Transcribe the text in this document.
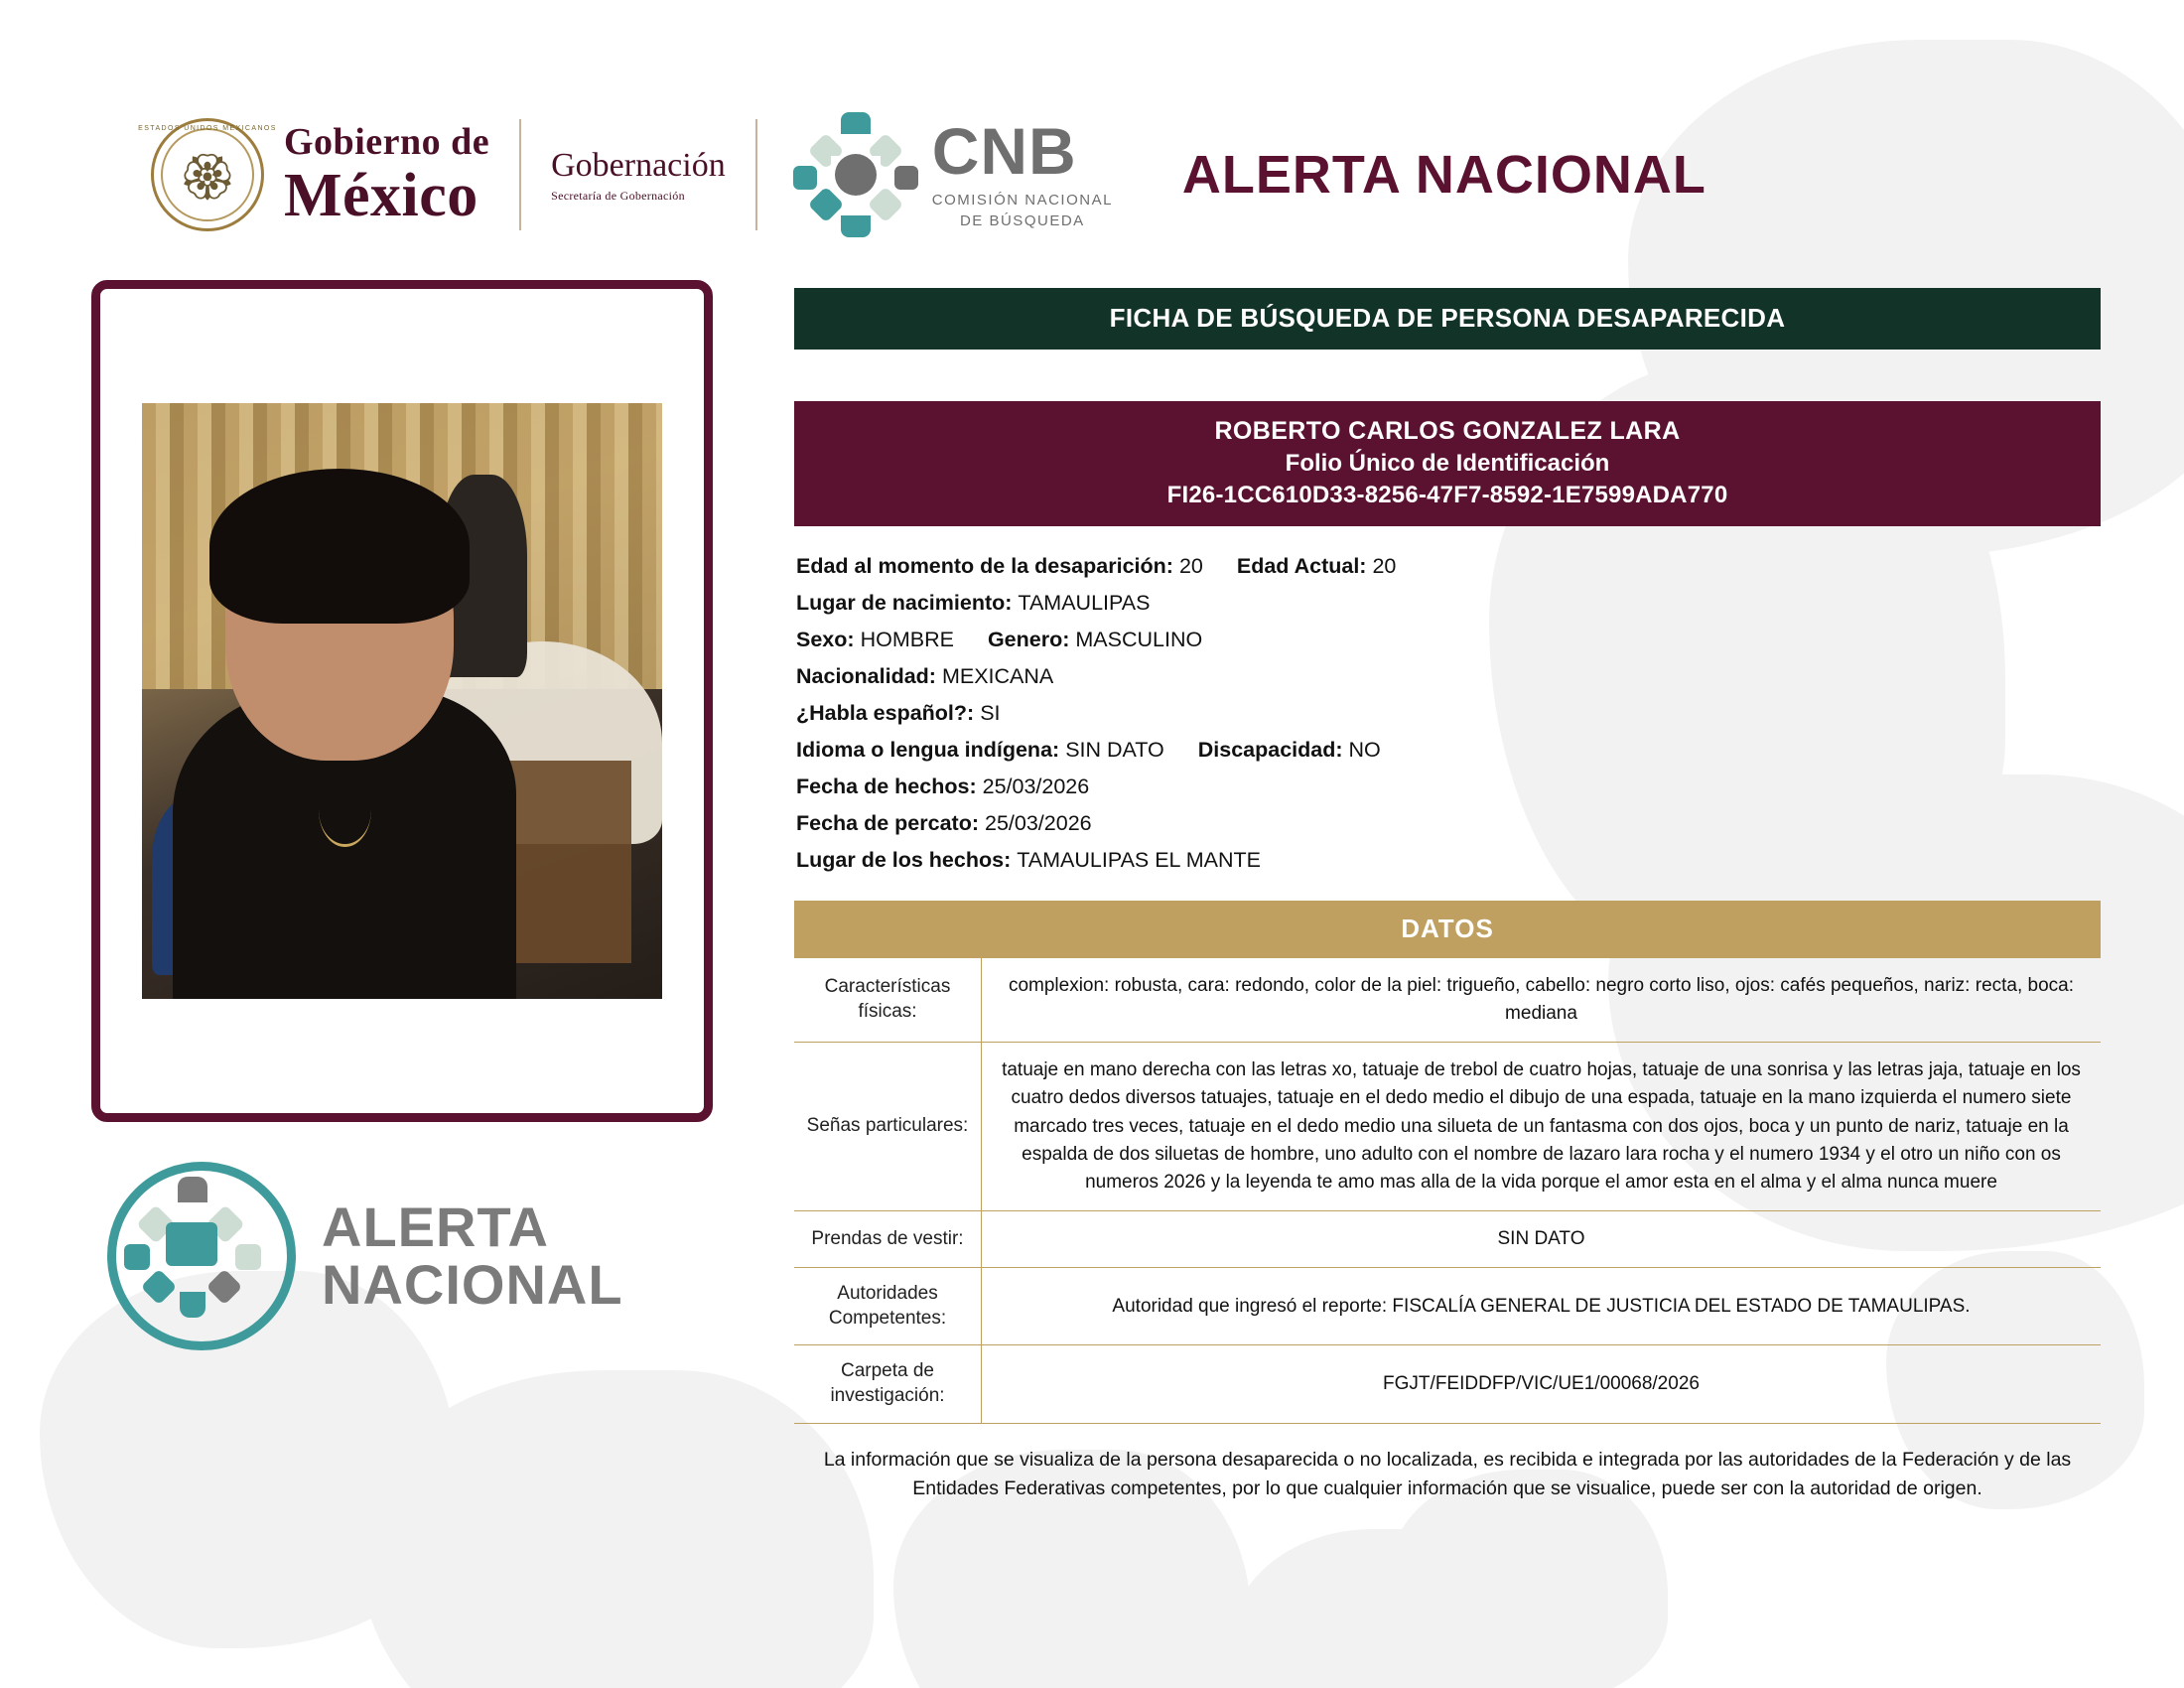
ESTADOS UNIDOS MEXICANOS
🏵
Gobierno de
México	Gobernación
Secretaría de Gobernación
CNB
COMISIÓN NACIONAL
DE BÚSQUEDA
ALERTA NACIONAL
ALERTA
NACIONAL
FICHA DE BÚSQUEDA DE PERSONA DESAPARECIDA
ROBERTO CARLOS GONZALEZ LARA
Folio Único de Identificación
FI26-1CC610D33-8256-47F7-8592-1E7599ADA770
Edad al momento de la desaparición: 20 Edad Actual: 20
Lugar de nacimiento: TAMAULIPAS
Sexo: HOMBRE Genero: MASCULINO
Nacionalidad: MEXICANA
¿Habla español?: SI
Idioma o lengua indígena: SIN DATO Discapacidad: NO
Fecha de hechos: 25/03/2026
Fecha de percato: 25/03/2026
Lugar de los hechos: TAMAULIPAS EL MANTE
DATOS
Características físicas:	complexion: robusta, cara: redondo, color de la piel: trigueño, cabello: negro corto liso, ojos: cafés pequeños, nariz: recta, boca: mediana
Señas particulares:	tatuaje en mano derecha con las letras xo, tatuaje de trebol de cuatro hojas, tatuaje de una sonrisa y las letras jaja, tatuaje en los cuatro dedos diversos tatuajes, tatuaje en el dedo medio el dibujo de una espada, tatuaje en la mano izquierda el numero siete marcado tres veces, tatuaje en el dedo medio una silueta de un fantasma con dos ojos, boca y un punto de nariz, tatuaje en la espalda de dos siluetas de hombre, uno adulto con el nombre de lazaro lara rocha y el numero 1934 y el otro un niño con os numeros 2026 y la leyenda te amo mas alla de la vida porque el amor esta en el alma y el alma nunca muere
Prendas de vestir:	SIN DATO
Autoridades Competentes:	Autoridad que ingresó el reporte: FISCALÍA GENERAL DE JUSTICIA DEL ESTADO DE TAMAULIPAS.
Carpeta de investigación:	FGJT/FEIDDFP/VIC/UE1/00068/2026
La información que se visualiza de la persona desaparecida o no localizada, es recibida e integrada por las autoridades de la Federación y de las Entidades Federativas competentes, por lo que cualquier información que se visualice, puede ser con la autoridad de origen.
